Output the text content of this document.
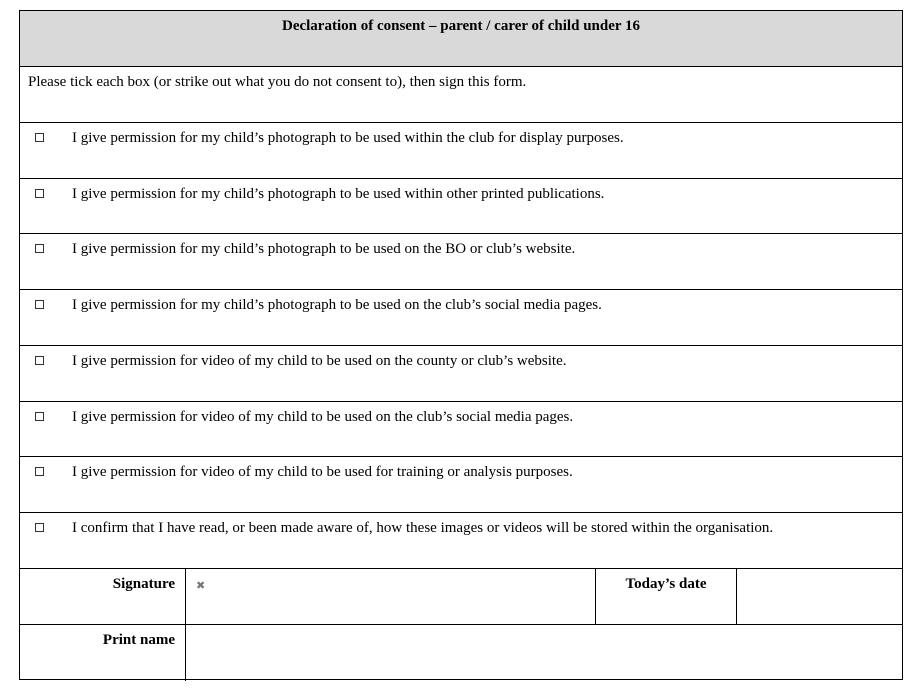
Declaration of consent – parent / carer of child under 16
Please tick each box (or strike out what you do not consent to), then sign this form.
I give permission for my child’s photograph to be used within the club for display purposes.
I give permission for my child’s photograph to be used within other printed publications.
I give permission for my child’s photograph to be used on the BO or club’s website.
I give permission for my child’s photograph to be used on the club’s social media pages.
I give permission for video of my child to be used on the county or club’s website.
I give permission for video of my child to be used on the club’s social media pages.
I give permission for video of my child to be used for training or analysis purposes.
I confirm that I have read, or been made aware of, how these images or videos will be stored within the organisation.
Signature	✖	Today’s date
Print name
